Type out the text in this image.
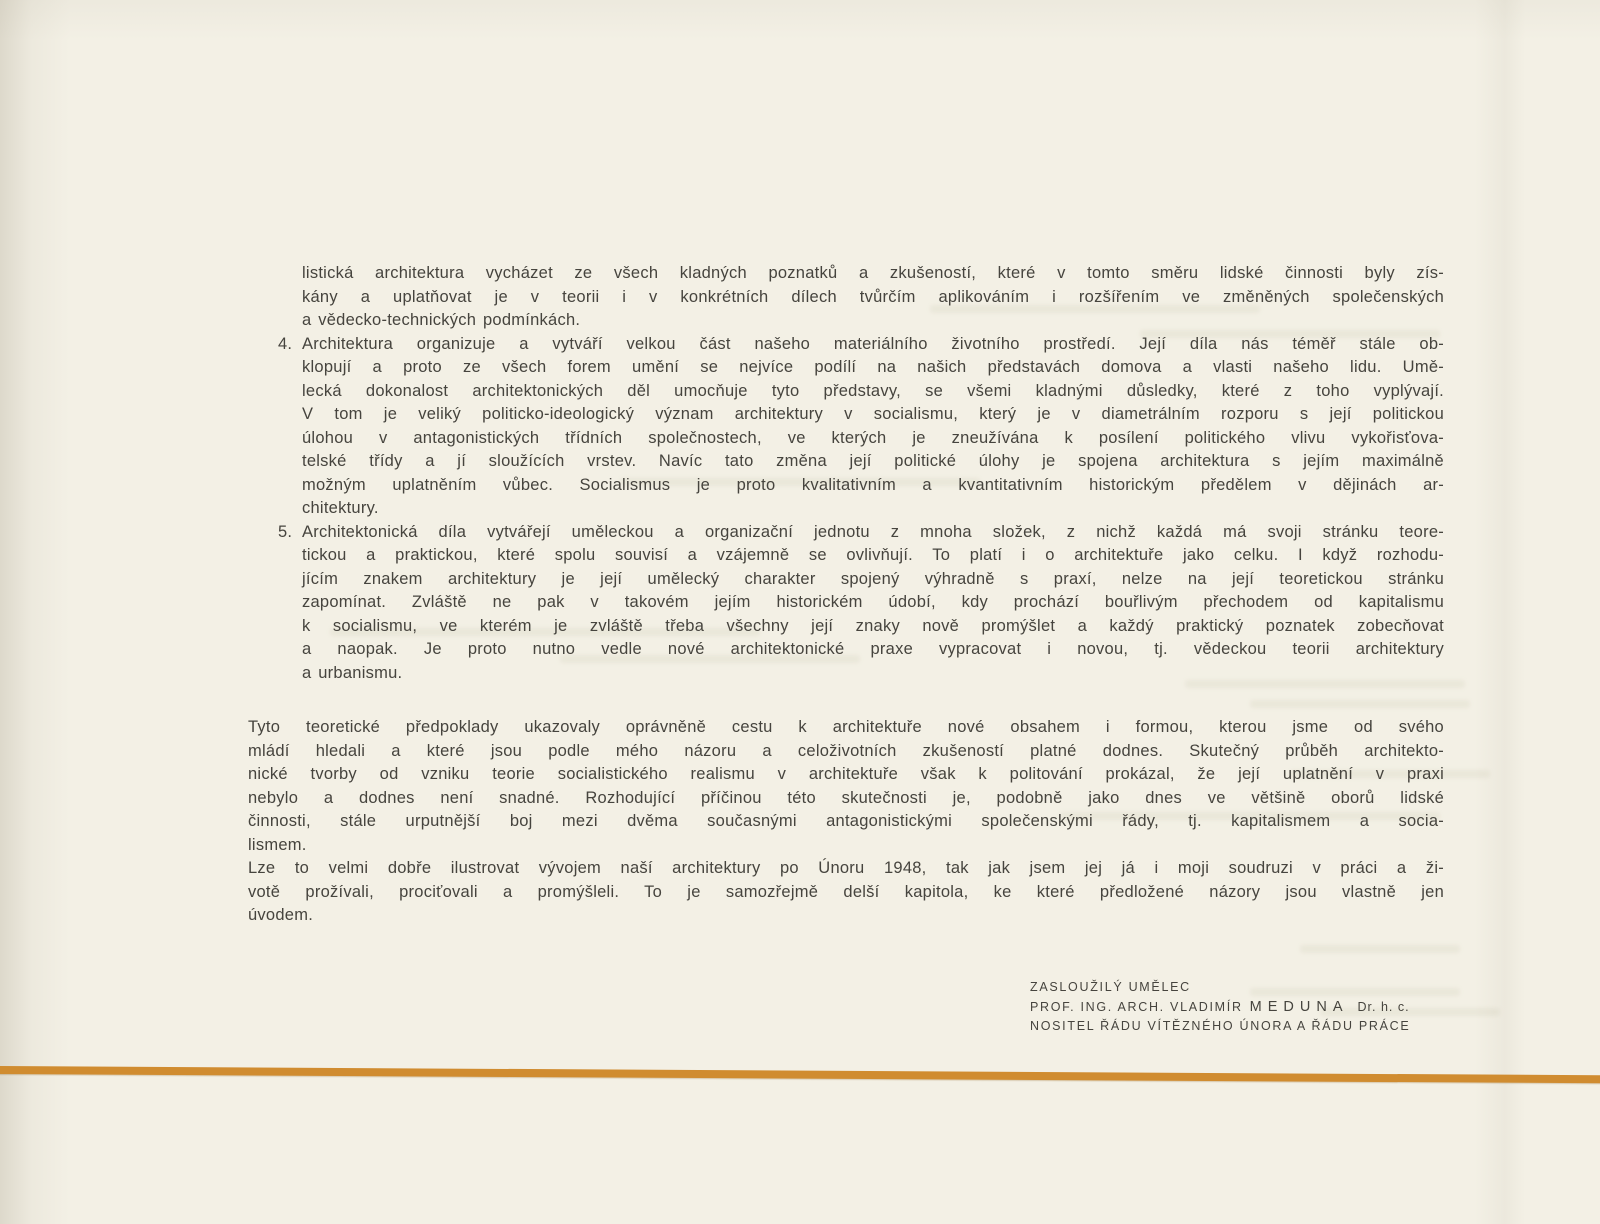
listická architektura vycházet ze všech kladných poznatků a zkušeností, které v tomto směru lidské činnosti byly zís-
kány a uplatňovat je v teorii i v konkrétních dílech tvůrčím aplikováním i rozšířením ve změněných společenských
a vědecko-technických podmínkách.
4. Architektura organizuje a vytváří velkou část našeho materiálního životního prostředí. Její díla nás téměř stále ob-
klopují a proto ze všech forem umění se nejvíce podílí na našich představách domova a vlasti našeho lidu. Umě-
lecká dokonalost architektonických děl umocňuje tyto představy, se všemi kladnými důsledky, které z toho vyplývají.
V tom je veliký politicko-ideologický význam architektury v socialismu, který je v diametrálním rozporu s její politickou
úlohou v antagonistických třídních společnostech, ve kterých je zneužívána k posílení politického vlivu vykořisťova-
telské třídy a jí sloužících vrstev. Navíc tato změna její politické úlohy je spojena architektura s jejím maximálně
možným uplatněním vůbec. Socialismus je proto kvalitativním a kvantitativním historickým předělem v dějinách ar-
chitektury.
5. Architektonická díla vytvářejí uměleckou a organizační jednotu z mnoha složek, z nichž každá má svoji stránku teore-
tickou a praktickou, které spolu souvisí a vzájemně se ovlivňují. To platí i o architektuře jako celku. I když rozhodu-
jícím znakem architektury je její umělecký charakter spojený výhradně s praxí, nelze na její teoretickou stránku
zapomínat. Zvláště ne pak v takovém jejím historickém údobí, kdy prochází bouřlivým přechodem od kapitalismu
k socialismu, ve kterém je zvláště třeba všechny její znaky nově promýšlet a každý praktický poznatek zobecňovat
a naopak. Je proto nutno vedle nové architektonické praxe vypracovat i novou, tj. vědeckou teorii architektury
a urbanismu.
Tyto teoretické předpoklady ukazovaly oprávněně cestu k architektuře nové obsahem i formou, kterou jsme od svého
mládí hledali a které jsou podle mého názoru a celoživotních zkušeností platné dodnes. Skutečný průběh architekto-
nické tvorby od vzniku teorie socialistického realismu v architektuře však k politování prokázal, že její uplatnění v praxi
nebylo a dodnes není snadné. Rozhodující příčinou této skutečnosti je, podobně jako dnes ve většině oborů lidské
činnosti, stále urputnější boj mezi dvěma současnými antagonistickými společenskými řády, tj. kapitalismem a socia-
lismem.
Lze to velmi dobře ilustrovat vývojem naší architektury po Únoru 1948, tak jak jsem jej já i moji soudruzi v práci a ži-
votě prožívali, prociťovali a promýšleli. To je samozřejmě delší kapitola, ke které předložené názory jsou vlastně jen
úvodem.
ZASLOUŽILÝ UMĚLEC
PROF. ING. ARCH. VLADIMÍR MEDUNA Dr. h. c.
NOSITEL ŘÁDU VÍTĚZNÉHO ÚNORA A ŘÁDU PRÁCE
